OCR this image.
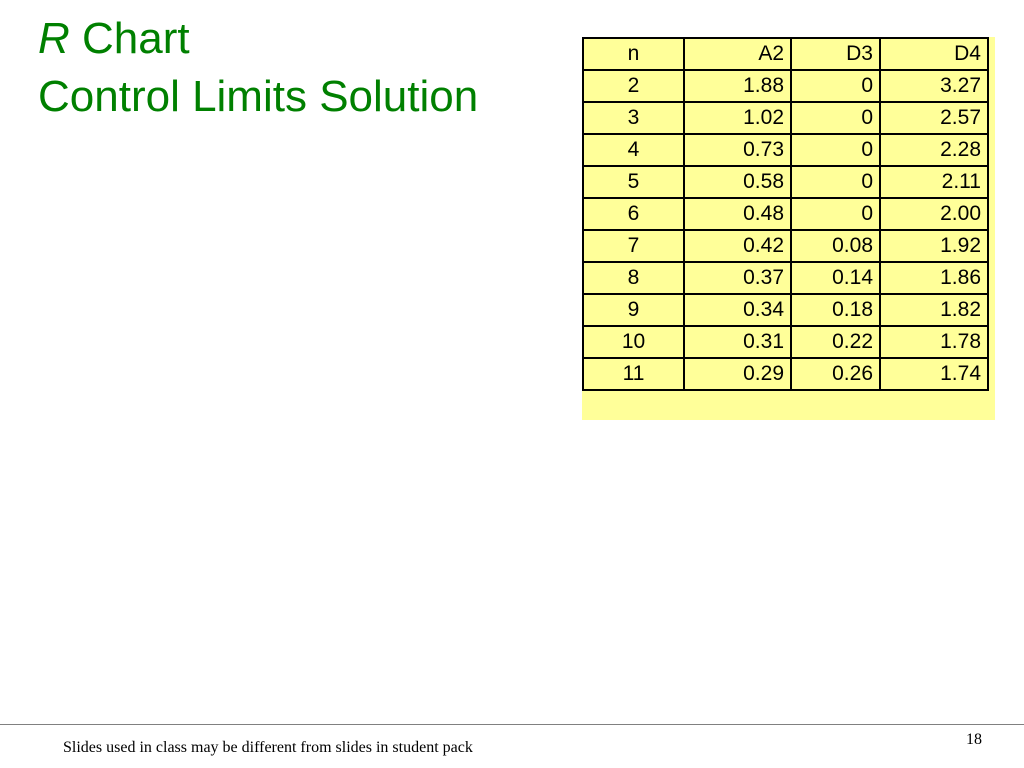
R Chart
Control Limits Solution
n	A2	D3	D4
2	1.88	0	3.27
3	1.02	0	2.57
4	0.73	0	2.28
5	0.58	0	2.11
6	0.48	0	2.00
7	0.42	0.08	1.92
8	0.37	0.14	1.86
9	0.34	0.18	1.82
10	0.31	0.22	1.78
11	0.29	0.26	1.74
Slides used in class may be different from slides in student pack	18
